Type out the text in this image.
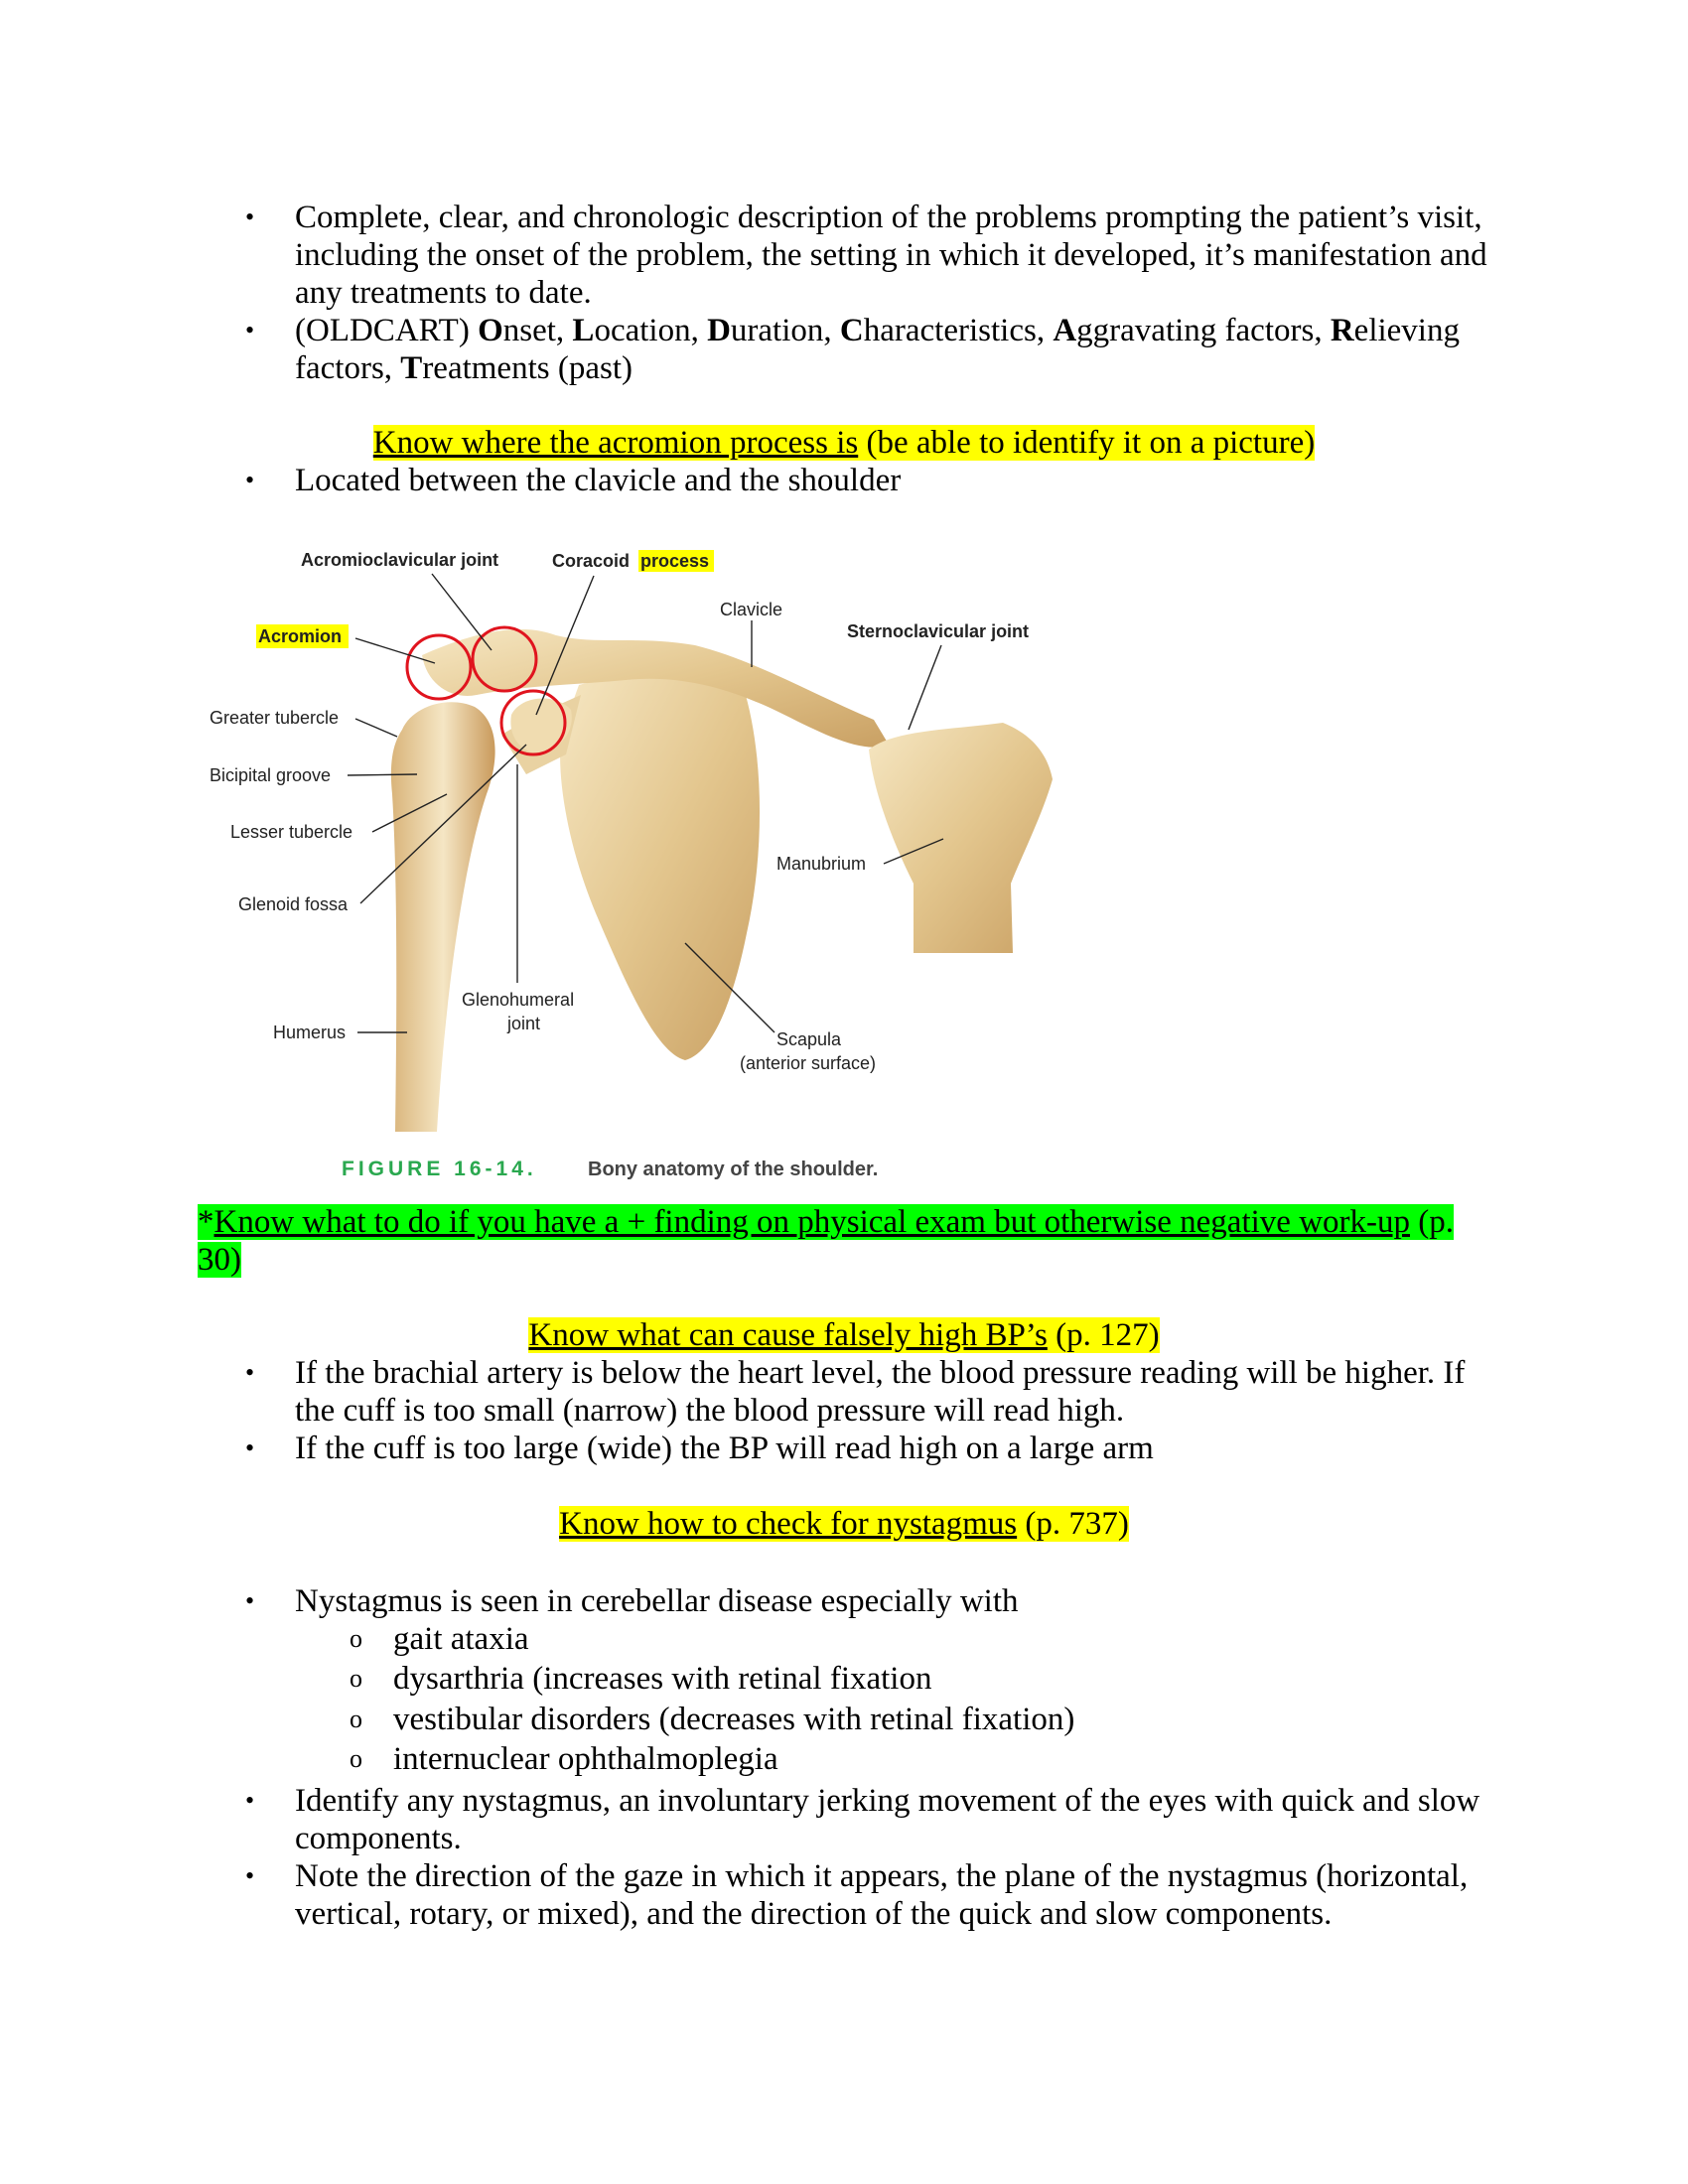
• Complete, clear, and chronologic description of the problems prompting the patient’s visit, including the onset of the problem, the setting in which it developed, it’s manifestation and any treatments to date.
• (OLDCART) Onset, Location, Duration, Characteristics, Aggravating factors, Relieving factors, Treatments (past)
Know where the acromion process is (be able to identify it on a picture)
• Located between the clavicle and the shoulder
Acromioclavicular joint	Coracoid process
Clavicle
Sternoclavicular joint
Acromion
Greater tubercle
Bicipital groove
Lesser tubercle
Manubrium
Glenoid fossa
Glenohumeral
joint
Humerus	Scapula
(anterior surface)
FIGURE 16-14.	Bony anatomy of the shoulder.
*Know what to do if you have a + finding on physical exam but otherwise negative work-up (p. 30)
Know what can cause falsely high BP’s (p. 127)
• If the brachial artery is below the heart level, the blood pressure reading will be higher. If the cuff is too small (narrow) the blood pressure will read high.
• If the cuff is too large (wide) the BP will read high on a large arm
Know how to check for nystagmus (p. 737)
• Nystagmus is seen in cerebellar disease especially with
o gait ataxia
o dysarthria (increases with retinal fixation
o vestibular disorders (decreases with retinal fixation)
o internuclear ophthalmoplegia
• Identify any nystagmus, an involuntary jerking movement of the eyes with quick and slow components.
• Note the direction of the gaze in which it appears, the plane of the nystagmus (horizontal, vertical, rotary, or mixed), and the direction of the quick and slow components.
